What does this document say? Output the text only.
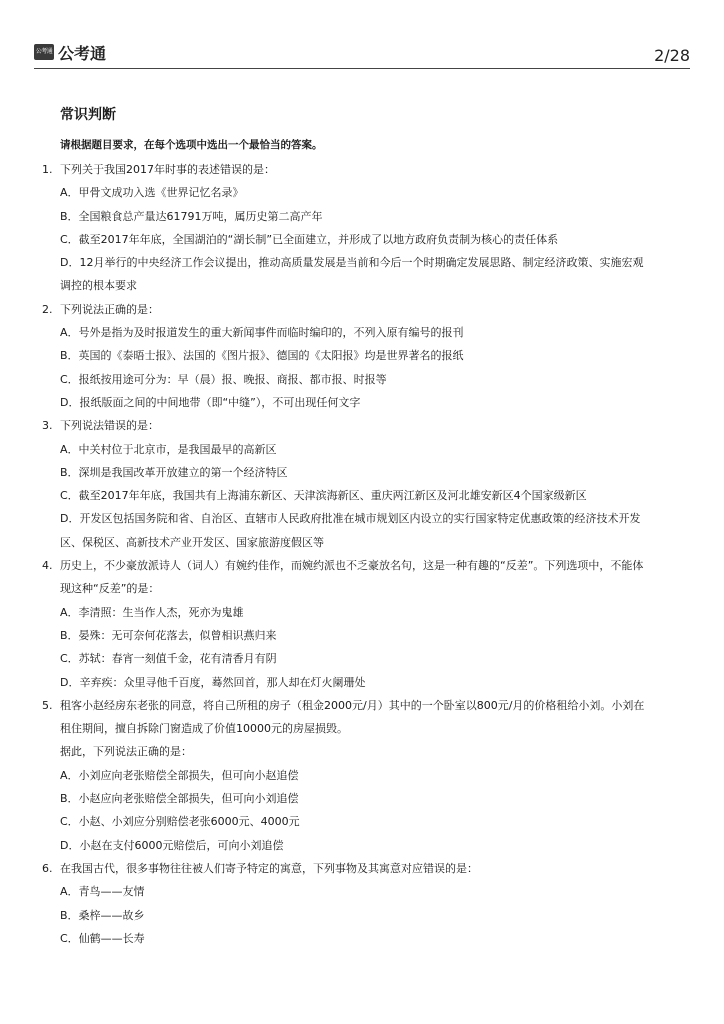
公考通 公考通	2/28
常识判断
请根据题目要求，在每个选项中选出一个最恰当的答案。
1. 下列关于我国2017年时事的表述错误的是：
A．甲骨文成功入选《世界记忆名录》
B．全国粮食总产量达61791万吨，属历史第二高产年
C．截至2017年年底，全国湖泊的“湖长制”已全面建立，并形成了以地方政府负责制为核心的责任体系
D．12月举行的中央经济工作会议提出，推动高质量发展是当前和今后一个时期确定发展思路、制定经济政策、实施宏观
调控的根本要求
2. 下列说法正确的是：
A．号外是指为及时报道发生的重大新闻事件而临时编印的，不列入原有编号的报刊
B．英国的《泰晤士报》、法国的《图片报》、德国的《太阳报》均是世界著名的报纸
C．报纸按用途可分为：早（晨）报、晚报、商报、都市报、时报等
D．报纸版面之间的中间地带（即“中缝”），不可出现任何文字
3. 下列说法错误的是：
A．中关村位于北京市，是我国最早的高新区
B．深圳是我国改革开放建立的第一个经济特区
C．截至2017年年底，我国共有上海浦东新区、天津滨海新区、重庆两江新区及河北雄安新区4个国家级新区
D．开发区包括国务院和省、自治区、直辖市人民政府批准在城市规划区内设立的实行国家特定优惠政策的经济技术开发
区、保税区、高新技术产业开发区、国家旅游度假区等
4. 历史上，不少豪放派诗人（词人）有婉约佳作，而婉约派也不乏豪放名句，这是一种有趣的“反差”。下列选项中，不能体
现这种“反差”的是：
A．李清照：生当作人杰，死亦为鬼雄
B．晏殊：无可奈何花落去，似曾相识燕归来
C．苏轼：春宵一刻值千金，花有清香月有阴
D．辛弃疾：众里寻他千百度，蓦然回首，那人却在灯火阑珊处
5. 租客小赵经房东老张的同意，将自己所租的房子（租金2000元/月）其中的一个卧室以800元/月的价格租给小刘。小刘在
租住期间，擅自拆除门窗造成了价值10000元的房屋损毁。
据此，下列说法正确的是：
A．小刘应向老张赔偿全部损失，但可向小赵追偿
B．小赵应向老张赔偿全部损失，但可向小刘追偿
C．小赵、小刘应分别赔偿老张6000元、4000元
D．小赵在支付6000元赔偿后，可向小刘追偿
6. 在我国古代，很多事物往往被人们寄予特定的寓意，下列事物及其寓意对应错误的是：
A．青鸟——友情
B．桑梓——故乡
C．仙鹤——长寿
